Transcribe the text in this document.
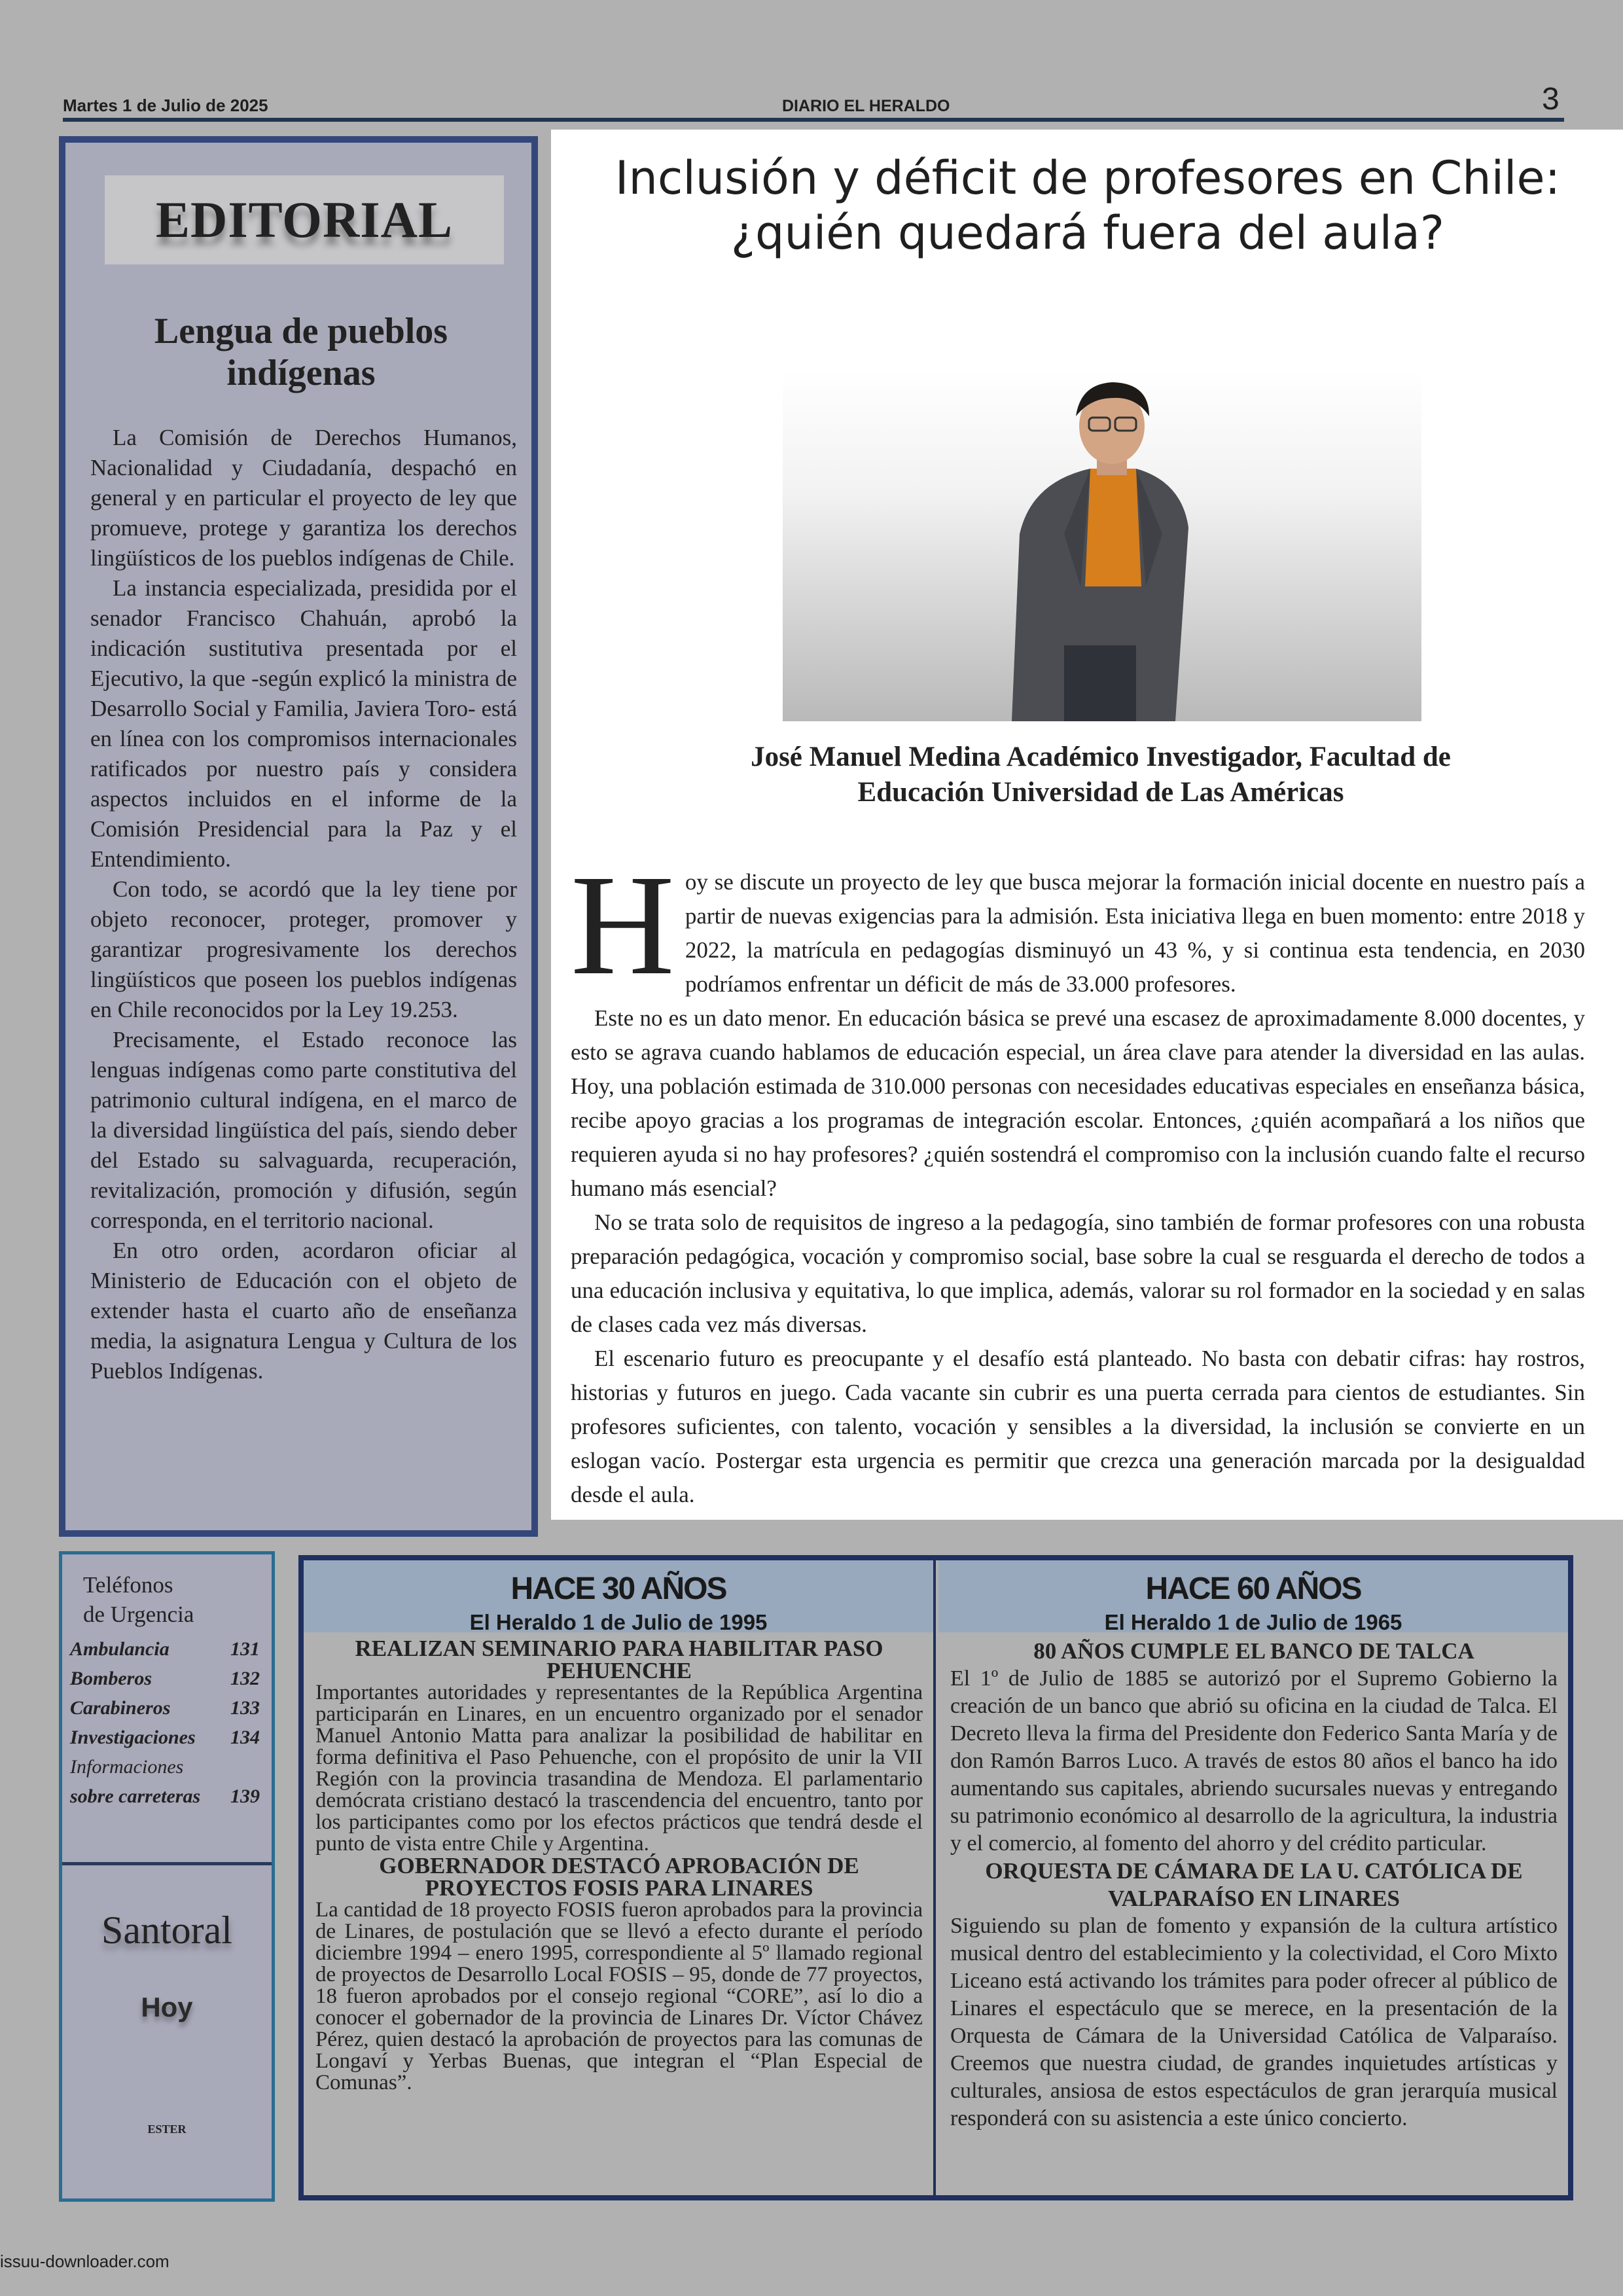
Martes 1 de Julio de 2025	DIARIO EL HERALDO	3
EDITORIAL
Lengua de pueblos indígenas

La Comisión de Derechos Humanos, Nacionalidad y Ciudadanía, despachó en general y en particular el proyecto de ley que promueve, protege y garantiza los derechos lingüísticos de los pueblos indígenas de Chile.

La instancia especializada, presidida por el senador Francisco Chahuán, aprobó la indicación sustitutiva presentada por el Ejecutivo, la que -según explicó la ministra de Desarrollo Social y Familia, Javiera Toro- está en línea con los compromisos internacionales ratificados por nuestro país y considera aspectos incluidos en el informe de la Comisión Presidencial para la Paz y el Entendimiento.

Con todo, se acordó que la ley tiene por objeto reconocer, proteger, promover y garantizar progresivamente los derechos lingüísticos que poseen los pueblos indígenas en Chile reconocidos por la Ley 19.253.

Precisamente, el Estado reconoce las lenguas indígenas como parte constitutiva del patrimonio cultural indígena, en el marco de la diversidad lingüística del país, siendo deber del Estado su salvaguarda, recuperación, revitalización, promoción y difusión, según corresponda, en el territorio nacional.

En otro orden, acordaron oficiar al Ministerio de Educación con el objeto de extender hasta el cuarto año de enseñanza media, la asignatura Lengua y Cultura de los Pueblos Indígenas.

Inclusión y déficit de profesores en Chile:
¿quién quedará fuera del aula?
José Manuel Medina Académico Investigador, Facultad de
Educación Universidad de Las Américas

Hoy se discute un proyecto de ley que busca mejorar la formación inicial docente en nuestro país a partir de nuevas exigencias para la admisión. Esta iniciativa llega en buen momento: entre 2018 y 2022, la matrícula en pedagogías disminuyó un 43 %, y si continua esta tendencia, en 2030 podríamos enfrentar un déficit de más de 33.000 profesores.

Este no es un dato menor. En educación básica se prevé una escasez de aproximadamente 8.000 docentes, y esto se agrava cuando hablamos de educación especial, un área clave para atender la diversidad en las aulas. Hoy, una población estimada de 310.000 personas con necesidades educativas especiales en enseñanza básica, recibe apoyo gracias a los programas de integración escolar. Entonces, ¿quién acompañará a los niños que requieren ayuda si no hay profesores? ¿quién sostendrá el compromiso con la inclusión cuando falte el recurso humano más esencial?

No se trata solo de requisitos de ingreso a la pedagogía, sino también de formar profesores con una robusta preparación pedagógica, vocación y compromiso social, base sobre la cual se resguarda el derecho de todos a una educación inclusiva y equitativa, lo que implica, además, valorar su rol formador en la sociedad y en salas de clases cada vez más diversas.

El escenario futuro es preocupante y el desafío está planteado. No basta con debatir cifras: hay rostros, historias y futuros en juego. Cada vacante sin cubrir es una puerta cerrada para cientos de estudiantes. Sin profesores suficientes, con talento, vocación y sensibles a la diversidad, la inclusión se convierte en un eslogan vacío. Postergar esta urgencia es permitir que crezca una generación marcada por la desigualdad desde el aula.

Teléfonos
de Urgencia
Ambulancia	131
Bomberos	132
Carabineros	133
Investigaciones 134
Informaciones
sobre carreteras 139
Santoral
Hoy
ESTER
HACE 30 AÑOS
El Heraldo 1 de Julio de 1995
REALIZAN SEMINARIO PARA HABILITAR PASO PEHUENCHE

Importantes autoridades y representantes de la República Argentina participarán en Linares, en un encuentro organizado por el senador Manuel Antonio Matta para analizar la posibilidad de habilitar en forma definitiva el Paso Pehuenche, con el propósito de unir la VII Región con la provincia trasandina de Mendoza. El parlamentario demócrata cristiano destacó la trascendencia del encuentro, tanto por los participantes como por los efectos prácticos que tendrá desde el punto de vista entre Chile y Argentina.

GOBERNADOR DESTACÓ APROBACIÓN DE PROYECTOS FOSIS PARA LINARES

La cantidad de 18 proyecto FOSIS fueron aprobados para la provincia de Linares, de postulación que se llevó a efecto durante el período diciembre 1994 – enero 1995, correspondiente al 5º llamado regional de proyectos de Desarrollo Local FOSIS – 95, donde de 77 proyectos, 18 fueron aprobados por el consejo regional “CORE”, así lo dio a conocer el gobernador de la provincia de Linares Dr. Víctor Chávez Pérez, quien destacó la aprobación de proyectos para las comunas de Longaví y Yerbas Buenas, que integran el “Plan Especial de Comunas”.

HACE 60 AÑOS
El Heraldo 1 de Julio de 1965
80 AÑOS CUMPLE EL BANCO DE TALCA

El 1º de Julio de 1885 se autorizó por el Supremo Gobierno la creación de un banco que abrió su oficina en la ciudad de Talca. El Decreto lleva la firma del Presidente don Federico Santa María y de don Ramón Barros Luco. A través de estos 80 años el banco ha ido aumentando sus capitales, abriendo sucursales nuevas y entregando su patrimonio económico al desarrollo de la agricultura, la industria y el comercio, al fomento del ahorro y del crédito particular.

ORQUESTA DE CÁMARA DE LA U. CATÓLICA DE VALPARAÍSO EN LINARES

Siguiendo su plan de fomento y expansión de la cultura artístico musical dentro del establecimiento y la colectividad, el Coro Mixto Liceano está activando los trámites para poder ofrecer al público de Linares el espectáculo que se merece, en la presentación de la Orquesta de Cámara de la Universidad Católica de Valparaíso. Creemos que nuestra ciudad, de grandes inquietudes artísticas y culturales, ansiosa de estos espectáculos de gran jerarquía musical responderá con su asistencia a este único concierto.

issuu-downloader.com
